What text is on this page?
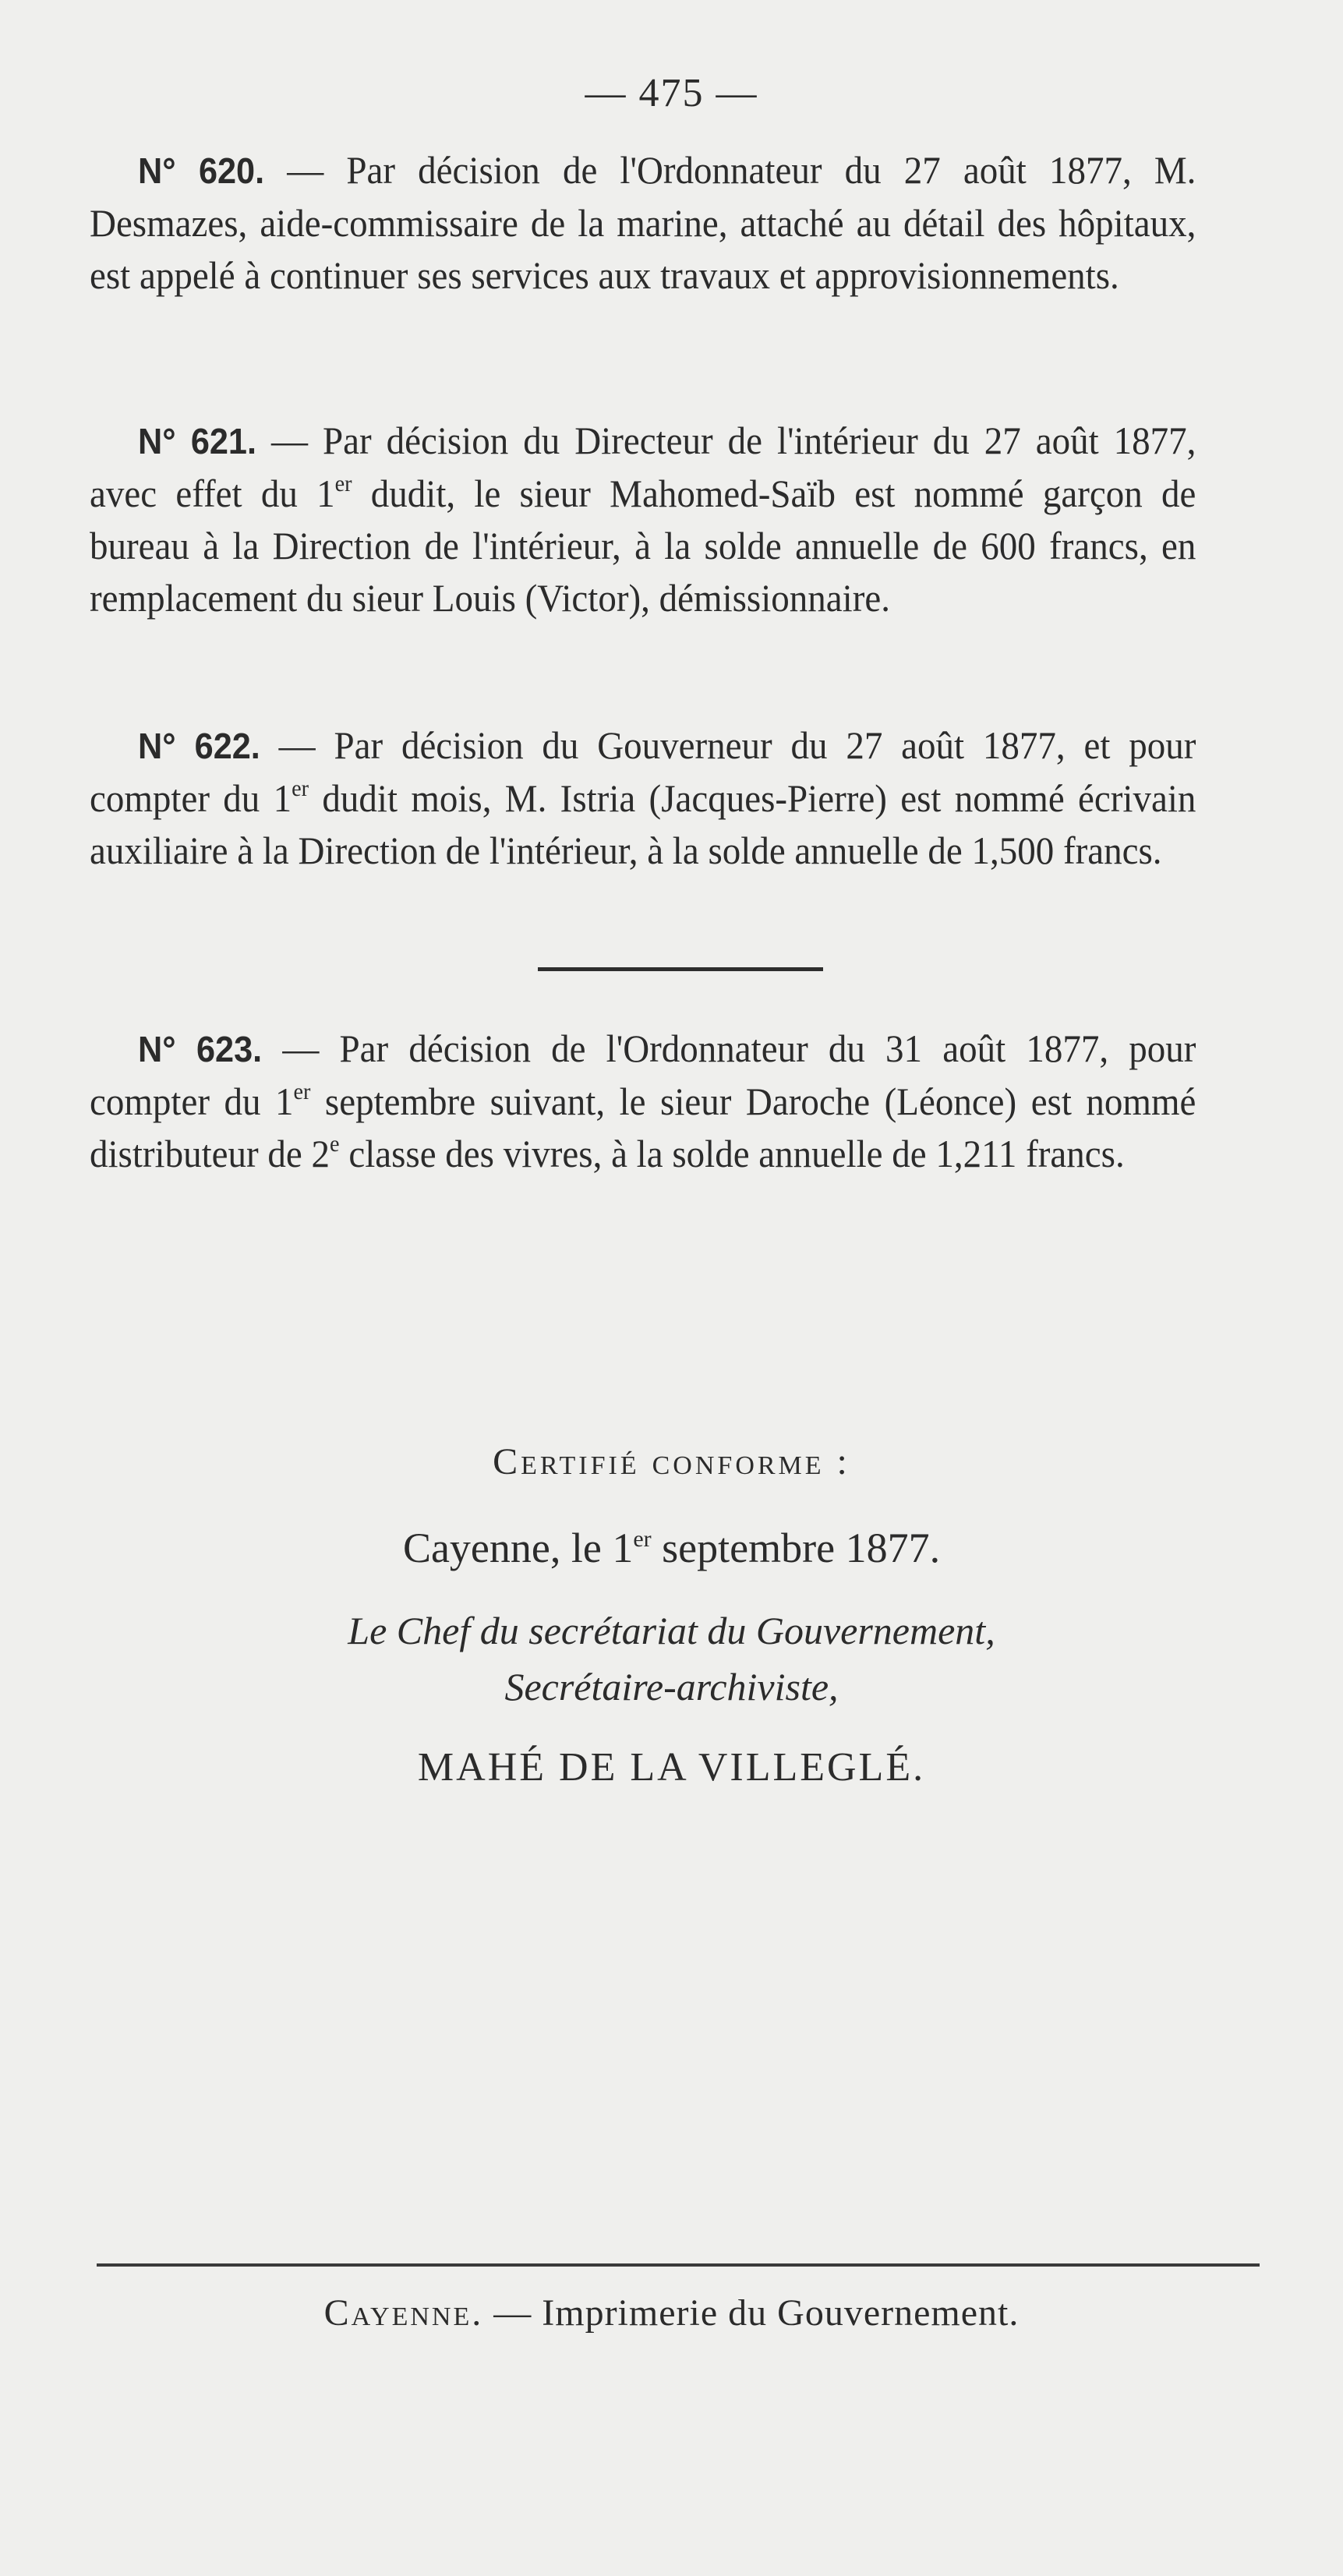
— 475 —

N° 620. — Par décision de l'Ordonnateur du 27 août 1877, M. Desmazes, aide-commissaire de la marine, attaché au détail des hôpitaux, est appelé à continuer ses services aux travaux et approvisionnements.

N° 621. — Par décision du Directeur de l'intérieur du 27 août 1877, avec effet du 1er dudit, le sieur Mahomed-Saïb est nommé garçon de bureau à la Direction de l'intérieur, à la solde annuelle de 600 francs, en remplacement du sieur Louis (Victor), démissionnaire.

N° 622. — Par décision du Gouverneur du 27 août 1877, et pour compter du 1er dudit mois, M. Istria (Jacques-Pierre) est nommé écrivain auxiliaire à la Direction de l'intérieur, à la solde annuelle de 1,500 francs.

N° 623. — Par décision de l'Ordonnateur du 31 août 1877, pour compter du 1er septembre suivant, le sieur Daroche (Léonce) est nommé distributeur de 2e classe des vivres, à la solde annuelle de 1,211 francs.

Certifié conforme :
Cayenne, le 1er septembre 1877.
Le Chef du secrétariat du Gouvernement,
Secrétaire-archiviste,
MAHÉ DE LA VILLEGLÉ.
Cayenne. — Imprimerie du Gouvernement.
